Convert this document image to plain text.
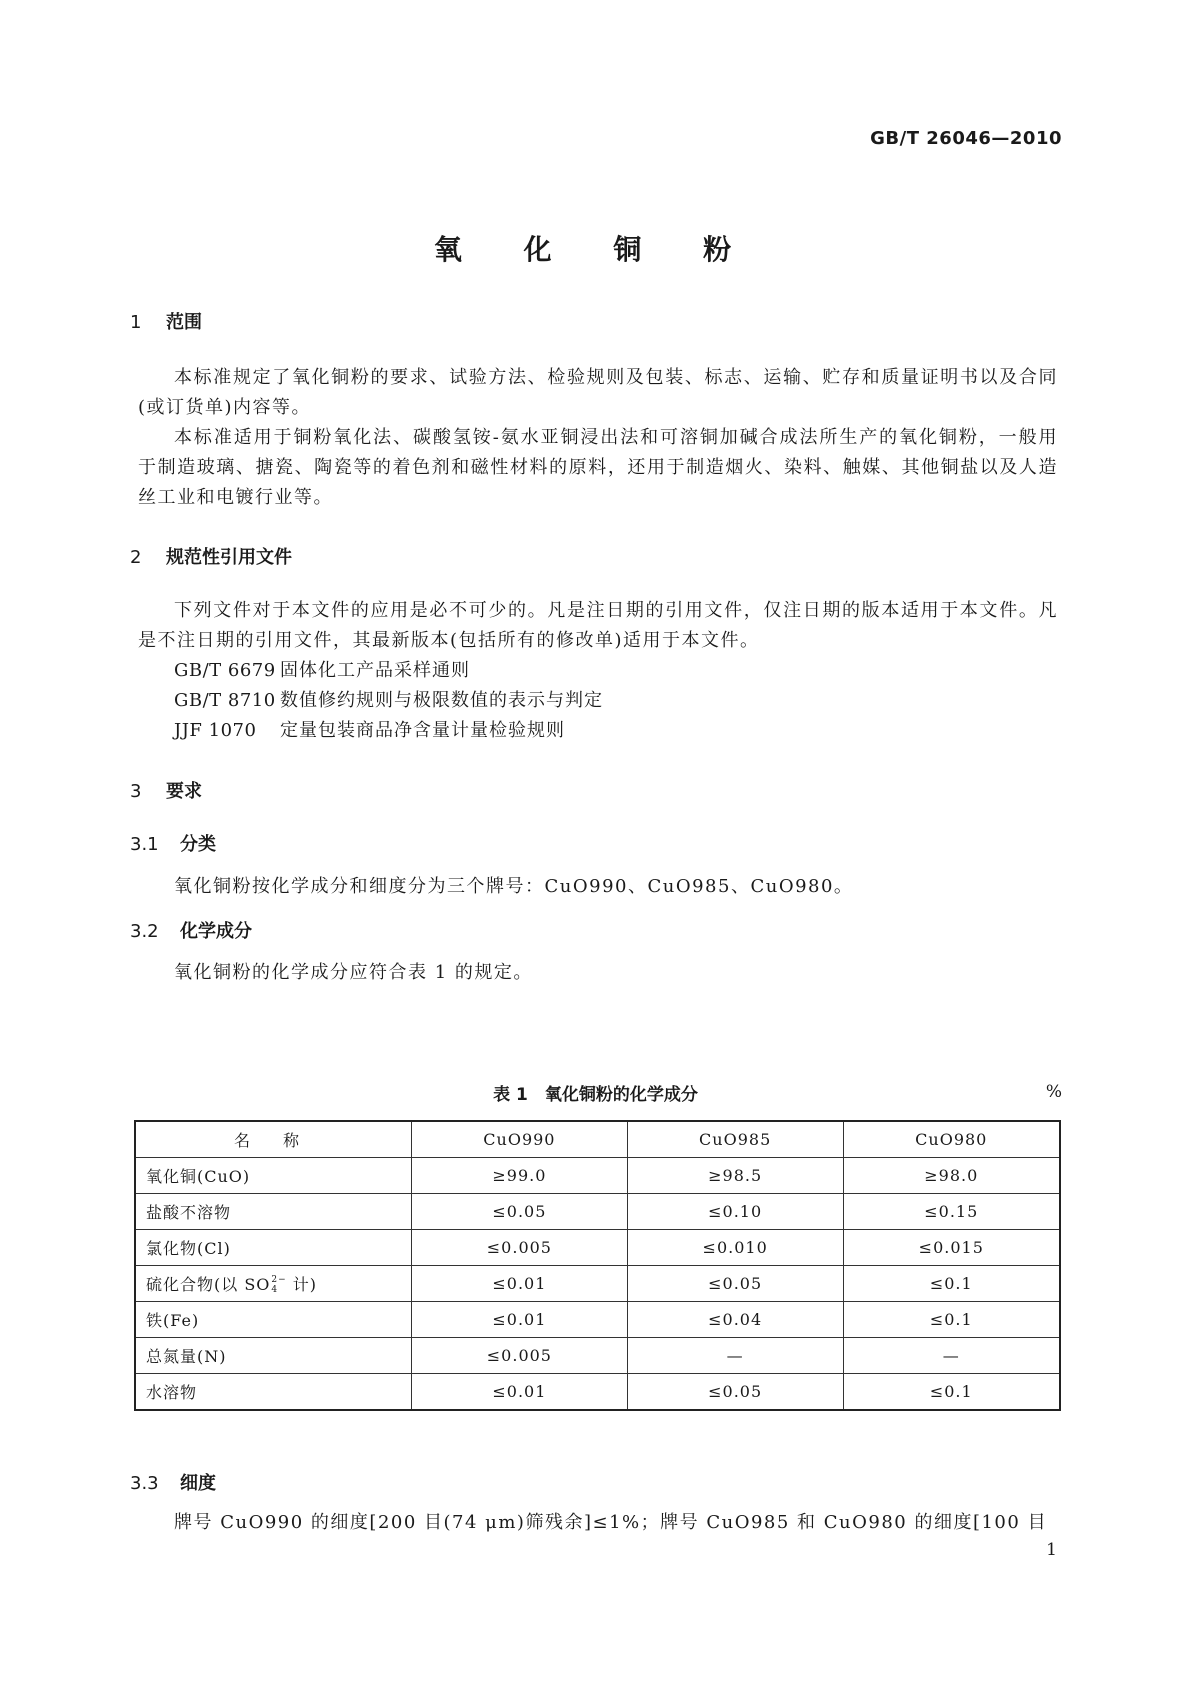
GB/T 26046—2010
氧 化 铜 粉
1 范围
本标准规定了氧化铜粉的要求、试验方法、检验规则及包装、标志、运输、贮存和质量证明书以及合同(或订货单)内容等。
本标准适用于铜粉氧化法、碳酸氢铵-氨水亚铜浸出法和可溶铜加碱合成法所生产的氧化铜粉，一般用于制造玻璃、搪瓷、陶瓷等的着色剂和磁性材料的原料，还用于制造烟火、染料、触媒、其他铜盐以及人造丝工业和电镀行业等。
2 规范性引用文件
下列文件对于本文件的应用是必不可少的。凡是注日期的引用文件，仅注日期的版本适用于本文件。凡是不注日期的引用文件，其最新版本(包括所有的修改单)适用于本文件。
GB/T 6679 固体化工产品采样通则
GB/T 8710 数值修约规则与极限数值的表示与判定
JJF 1070 定量包装商品净含量计量检验规则
3 要求
3.1 分类
氧化铜粉按化学成分和细度分为三个牌号：CuO990、CuO985、CuO980。
3.2 化学成分
氧化铜粉的化学成分应符合表 1 的规定。
表 1　氧化铜粉的化学成分	%
名 称	CuO990	CuO985	CuO980
氧化铜(CuO)	≥99.0	≥98.5	≥98.0
盐酸不溶物	≤0.05	≤0.10	≤0.15
氯化物(Cl)	≤0.005	≤0.010	≤0.015
硫化合物(以 SO 2−
4 计)	≤0.01	≤0.05	≤0.1
铁(Fe)	≤0.01	≤0.04	≤0.1
总氮量(N)	≤0.005	—	—
水溶物	≤0.01	≤0.05	≤0.1
3.3 细度
牌号 CuO990 的细度[200 目(74 μm)筛残余]≤1%；牌号 CuO985 和 CuO980 的细度[100 目
1
